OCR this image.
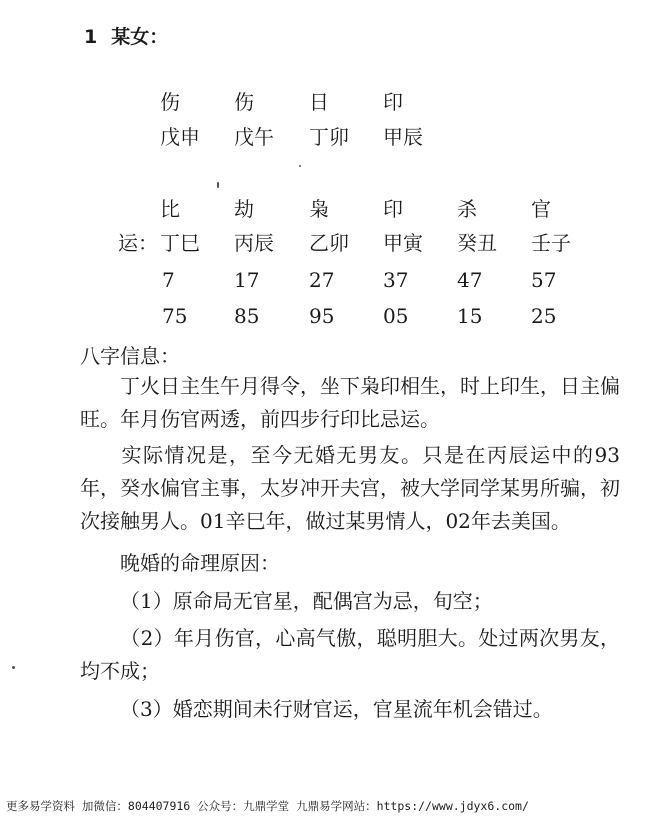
1 某女：
伤	伤	日	印
戊申 戊午 丁卯 甲辰
比	劫	枭	印	杀	官
运： 丁巳 丙辰 乙卯 甲寅 癸丑 壬子
7	17 27 37 47 57
75 85 95 05 15 25
八字信息：
丁火日主生午月得令，坐下枭印相生，时上印生，日主偏旺。年月伤官两透，前四步行印比忌运。
实际情况是，至今无婚无男友。只是在丙辰运中的93年，癸水偏官主事，太岁冲开夫宫，被大学同学某男所骗，初次接触男人。01辛巳年，做过某男情人，02年去美国。
晚婚的命理原因：
（1）原命局无官星，配偶宫为忌，旬空；
（2）年月伤官，心高气傲，聪明胆大。处过两次男友，均不成；
（3）婚恋期间未行财官运，官星流年机会错过。
更多易学资料 加微信：804407916 公众号：九鼎学堂 九鼎易学网站：https://www.jdyx6.com/
